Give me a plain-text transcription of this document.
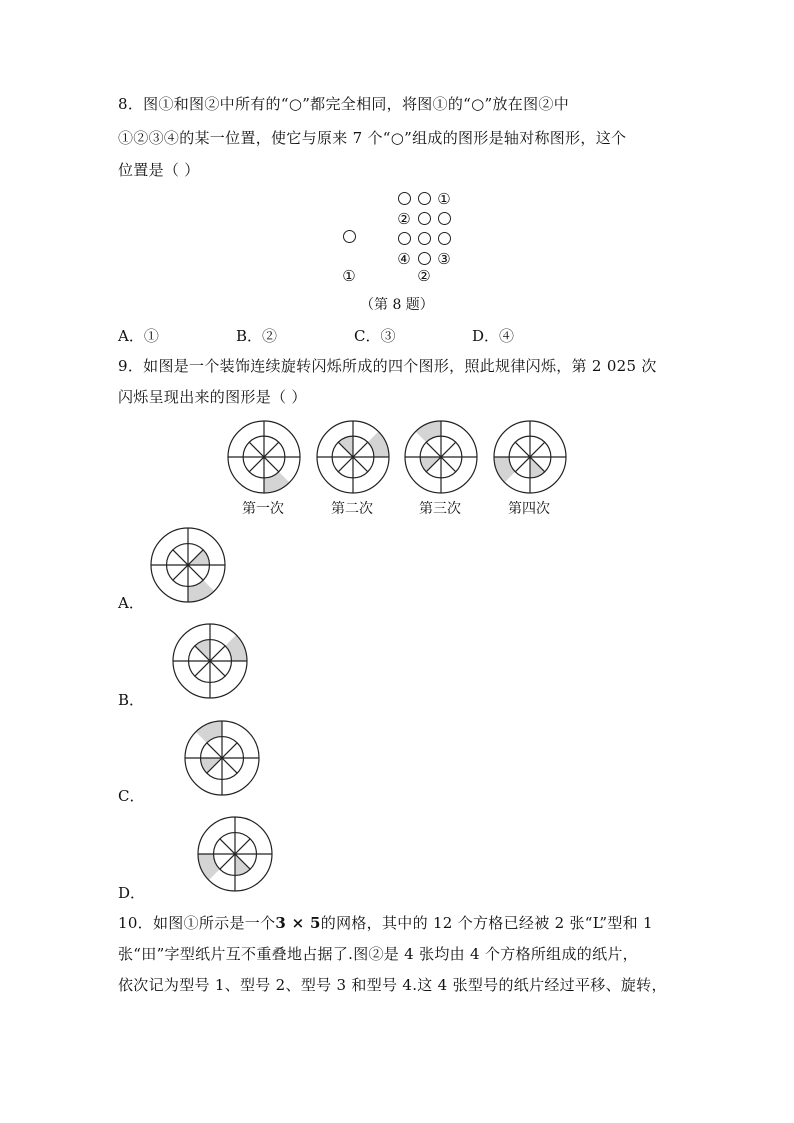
8．图①和图②中所有的“○”都完全相同，将图①的“○”放在图②中
①②③④的某一位置，使它与原来 7 个“○”组成的图形是轴对称图形，这个
位置是（ ）
①
①
②
④ ③
②
（第 8 题）
A．①	B．②	C．③	D．④
9．如图是一个装饰连续旋转闪烁所成的四个图形，照此规律闪烁，第 2 025 次
闪烁呈现出来的图形是（ ）
第一次	第二次	第三次	第四次
A．
B．
C．
D．
10．如图①所示是一个3 × 5的网格，其中的 12 个方格已经被 2 张“L”型和 1
张“田”字型纸片互不重叠地占据了.图②是 4 张均由 4 个方格所组成的纸片，
依次记为型号 1、型号 2、型号 3 和型号 4.这 4 张型号的纸片经过平移、旋转，
